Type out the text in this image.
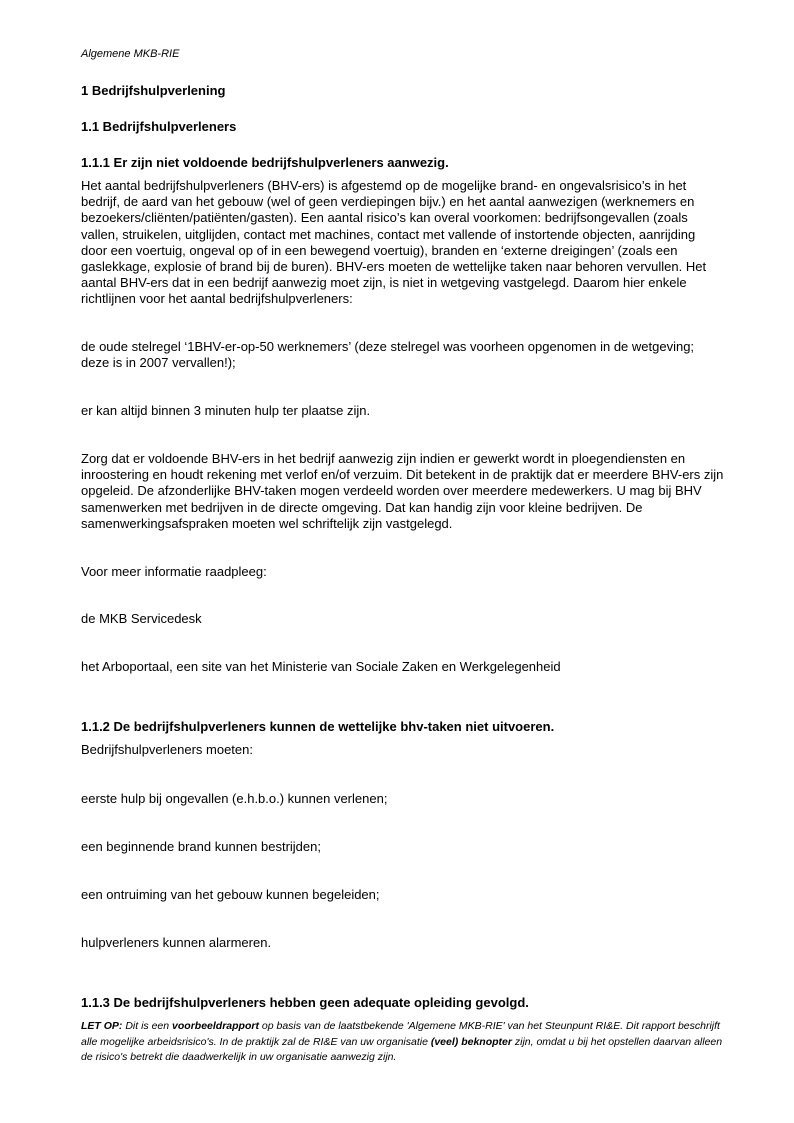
Algemene MKB-RIE
1 Bedrijfshulpverlening
1.1 Bedrijfshulpverleners
1.1.1 Er zijn niet voldoende bedrijfshulpverleners aanwezig.
Het aantal bedrijfshulpverleners (BHV-ers) is afgestemd op de mogelijke brand- en ongevalsrisico’s in het bedrijf, de aard van het gebouw (wel of geen verdiepingen bijv.) en het aantal aanwezigen (werknemers en bezoekers/cliënten/patiënten/gasten). Een aantal risico’s kan overal voorkomen: bedrijfsongevallen (zoals vallen, struikelen, uitglijden, contact met machines, contact met vallende of instortende objecten, aanrijding door een voertuig, ongeval op of in een bewegend voertuig), branden en ‘externe dreigingen’ (zoals een gaslekkage, explosie of brand bij de buren). BHV-ers moeten de wettelijke taken naar behoren vervullen. Het aantal BHV-ers dat in een bedrijf aanwezig moet zijn, is niet in wetgeving vastgelegd. Daarom hier enkele richtlijnen voor het aantal bedrijfshulpverleners:
de oude stelregel ‘1BHV-er-op-50 werknemers’ (deze stelregel was voorheen opgenomen in de wetgeving; deze is in 2007 vervallen!);
er kan altijd binnen 3 minuten hulp ter plaatse zijn.
Zorg dat er voldoende BHV-ers in het bedrijf aanwezig zijn indien er gewerkt wordt in ploegendiensten en inroostering en houdt rekening met verlof en/of verzuim. Dit betekent in de praktijk dat er meerdere BHV-ers zijn opgeleid. De afzonderlijke BHV-taken mogen verdeeld worden over meerdere medewerkers. U mag bij BHV samenwerken met bedrijven in de directe omgeving. Dat kan handig zijn voor kleine bedrijven. De samenwerkingsafspraken moeten wel schriftelijk zijn vastgelegd.
Voor meer informatie raadpleeg:
de MKB Servicedesk
het Arboportaal, een site van het Ministerie van Sociale Zaken en Werkgelegenheid
1.1.2 De bedrijfshulpverleners kunnen de wettelijke bhv-taken niet uitvoeren.
Bedrijfshulpverleners moeten:
eerste hulp bij ongevallen (e.h.b.o.) kunnen verlenen;
een beginnende brand kunnen bestrijden;
een ontruiming van het gebouw kunnen begeleiden;
hulpverleners kunnen alarmeren.
1.1.3 De bedrijfshulpverleners hebben geen adequate opleiding gevolgd.
LET OP: Dit is een voorbeeldrapport op basis van de laatstbekende 'Algemene MKB-RIE' van het Steunpunt RI&E. Dit rapport beschrijft alle mogelijke arbeidsrisico's. In de praktijk zal de RI&E van uw organisatie (veel) beknopter zijn, omdat u bij het opstellen daarvan alleen de risico's betrekt die daadwerkelijk in uw organisatie aanwezig zijn.
